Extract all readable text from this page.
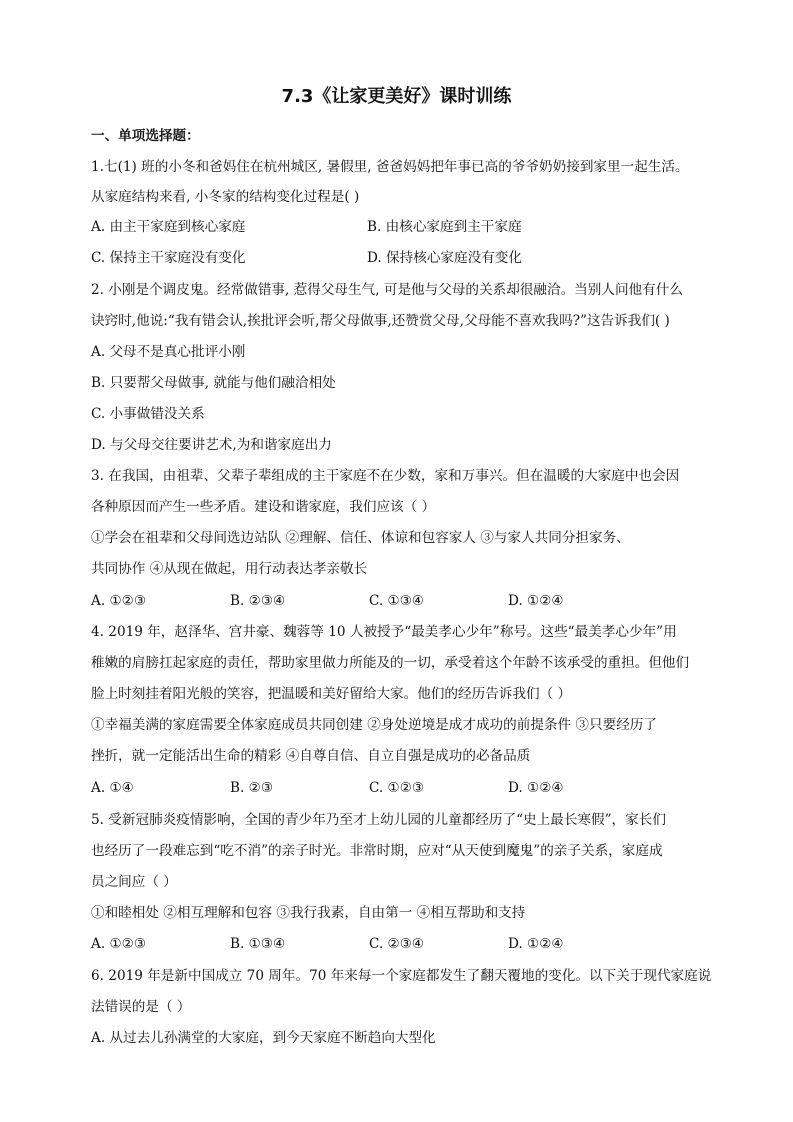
7.3《让家更美好》课时训练
一、单项选择题：
1.七(1) 班的小冬和爸妈住在杭州城区, 暑假里, 爸爸妈妈把年事已高的爷爷奶奶接到家里一起生活。
从家庭结构来看, 小冬家的结构变化过程是( )
A. 由主干家庭到核心家庭	B. 由核心家庭到主干家庭
C. 保持主干家庭没有变化	D. 保持核心家庭没有变化
2. 小刚是个调皮鬼。经常做错事, 惹得父母生气, 可是他与父母的关系却很融洽。当别人问他有什么
诀窍时,他说:“我有错会认,挨批评会听,帮父母做事,还赞赏父母,父母能不喜欢我吗?”这告诉我们( )
A. 父母不是真心批评小刚
B. 只要帮父母做事, 就能与他们融洽相处
C. 小事做错没关系
D. 与父母交往要讲艺术,为和谐家庭出力
3. 在我国，由祖辈、父辈子辈组成的主干家庭不在少数，家和万事兴。但在温暖的大家庭中也会因
各种原因而产生一些矛盾。建设和谐家庭，我们应该（ ）
①学会在祖辈和父母间选边站队 ②理解、信任、体谅和包容家人 ③与家人共同分担家务、
共同协作 ④从现在做起，用行动表达孝亲敬长
A. ①②③	B. ②③④	C. ①③④	D. ①②④
4. 2019 年，赵泽华、宫井豪、魏蓉等 10 人被授予“最美孝心少年”称号。这些“最美孝心少年”用
稚嫩的肩膀扛起家庭的责任，帮助家里做力所能及的一切，承受着这个年龄不该承受的重担。但他们
脸上时刻挂着阳光般的笑容，把温暖和美好留给大家。他们的经历告诉我们（ ）
①幸福美满的家庭需要全体家庭成员共同创建 ②身处逆境是成才成功的前提条件 ③只要经历了
挫折，就一定能活出生命的精彩 ④自尊自信、自立自强是成功的必备品质
A. ①④	B. ②③	C. ①②③	D. ①②④
5. 受新冠肺炎疫情影响，全国的青少年乃至才上幼儿园的儿童都经历了“史上最长寒假”，家长们
也经历了一段难忘到“吃不消”的亲子时光。非常时期，应对“从天使到魔鬼”的亲子关系，家庭成
员之间应（ ）
①和睦相处 ②相互理解和包容 ③我行我素，自由第一 ④相互帮助和支持
A. ①②③	B. ①③④	C. ②③④	D. ①②④
6. 2019 年是新中国成立 70 周年。70 年来每一个家庭都发生了翻天覆地的变化。以下关于现代家庭说
法错误的是（ ）
A. 从过去儿孙满堂的大家庭，到今天家庭不断趋向大型化
